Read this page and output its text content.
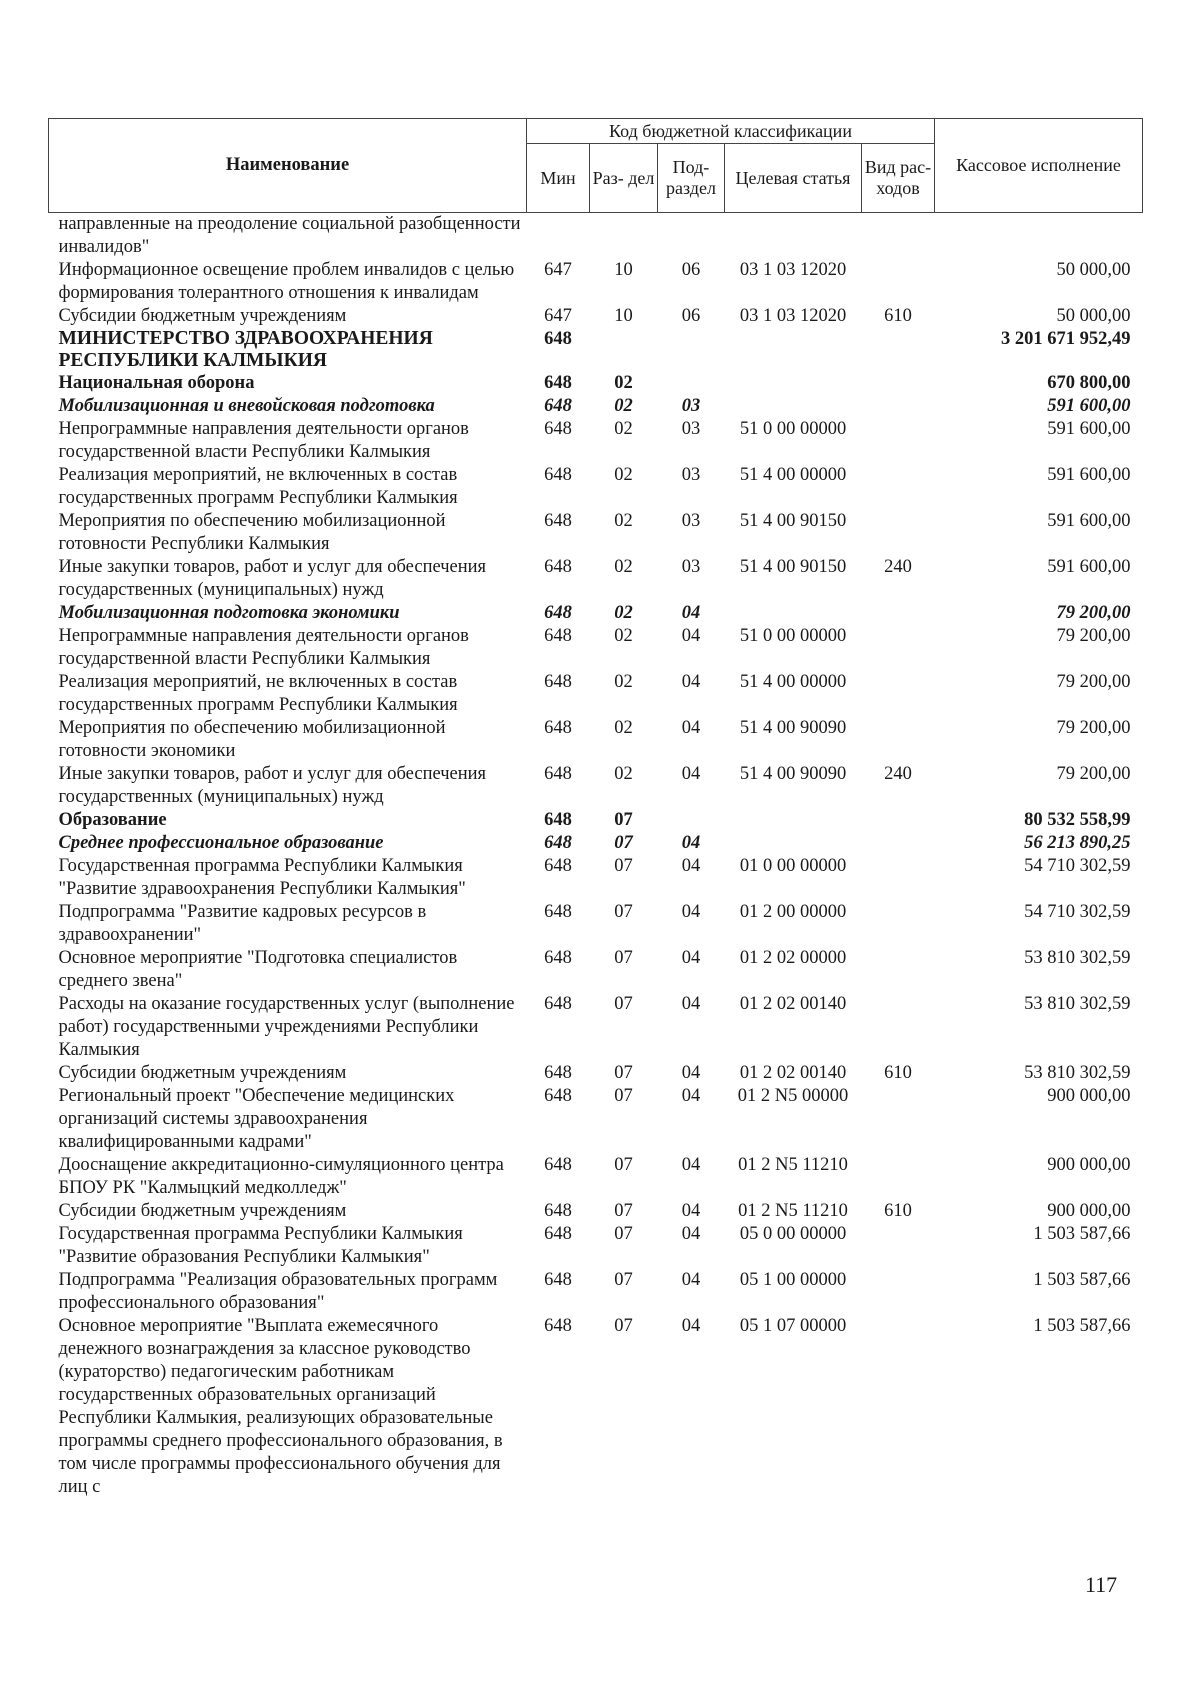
Наименование	Код бюджетной классификации					Кассовое исполнение
	Мин	Раз- дел	Под- раздел	Целевая статья	Вид рас- ходов	
направленные на преодоление социальной разобщенности инвалидов"						
Информационное освещение проблем инвалидов с целью формирования толерантного отношения к инвалидам	647	10	06	03 1 03 12020		50 000,00
Субсидии бюджетным учреждениям	647	10	06	03 1 03 12020	610	50 000,00
МИНИСТЕРСТВО ЗДРАВООХРАНЕНИЯ РЕСПУБЛИКИ КАЛМЫКИЯ	648					3 201 671 952,49
Национальная оборона	648	02				670 800,00
Мобилизационная и вневойсковая подготовка	648	02	03			591 600,00
Непрограммные направления деятельности органов государственной власти Республики Калмыкия	648	02	03	51 0 00 00000		591 600,00
Реализация мероприятий, не включенных в состав государственных программ Республики Калмыкия	648	02	03	51 4 00 00000		591 600,00
Мероприятия по обеспечению мобилизационной готовности Республики Калмыкия	648	02	03	51 4 00 90150		591 600,00
Иные закупки товаров, работ и услуг для обеспечения государственных (муниципальных) нужд	648	02	03	51 4 00 90150	240	591 600,00
Мобилизационная подготовка экономики	648	02	04			79 200,00
Непрограммные направления деятельности органов государственной власти Республики Калмыкия	648	02	04	51 0 00 00000		79 200,00
Реализация мероприятий, не включенных в состав государственных программ Республики Калмыкия	648	02	04	51 4 00 00000		79 200,00
Мероприятия по обеспечению мобилизационной готовности экономики	648	02	04	51 4 00 90090		79 200,00
Иные закупки товаров, работ и услуг для обеспечения государственных (муниципальных) нужд	648	02	04	51 4 00 90090	240	79 200,00
Образование	648	07				80 532 558,99
Среднее профессиональное образование	648	07	04			56 213 890,25
Государственная программа Республики Калмыкия "Развитие здравоохранения Республики Калмыкия"	648	07	04	01 0 00 00000		54 710 302,59
Подпрограмма "Развитие кадровых ресурсов в здравоохранении"	648	07	04	01 2 00 00000		54 710 302,59
Основное мероприятие "Подготовка специалистов среднего звена"	648	07	04	01 2 02 00000		53 810 302,59
Расходы на оказание государственных услуг (выполнение работ) государственными учреждениями Республики Калмыкия	648	07	04	01 2 02 00140		53 810 302,59
Субсидии бюджетным учреждениям	648	07	04	01 2 02 00140	610	53 810 302,59
Региональный проект "Обеспечение медицинских организаций системы здравоохранения квалифицированными кадрами"	648	07	04	01 2 N5 00000		900 000,00
Дооснащение аккредитационно-симуляционного центра БПОУ РК "Калмыцкий медколледж"	648	07	04	01 2 N5 11210		900 000,00
Субсидии бюджетным учреждениям	648	07	04	01 2 N5 11210	610	900 000,00
Государственная программа Республики Калмыкия "Развитие образования Республики Калмыкия"	648	07	04	05 0 00 00000		1 503 587,66
Подпрограмма "Реализация образовательных программ профессионального образования"	648	07	04	05 1 00 00000		1 503 587,66
Основное мероприятие "Выплата ежемесячного денежного вознаграждения за классное руководство (кураторство) педагогическим работникам государственных образовательных организаций Республики Калмыкия, реализующих образовательные программы среднего профессионального образования, в том числе программы профессионального обучения для лиц с	648	07	04	05 1 07 00000		1 503 587,66
117
